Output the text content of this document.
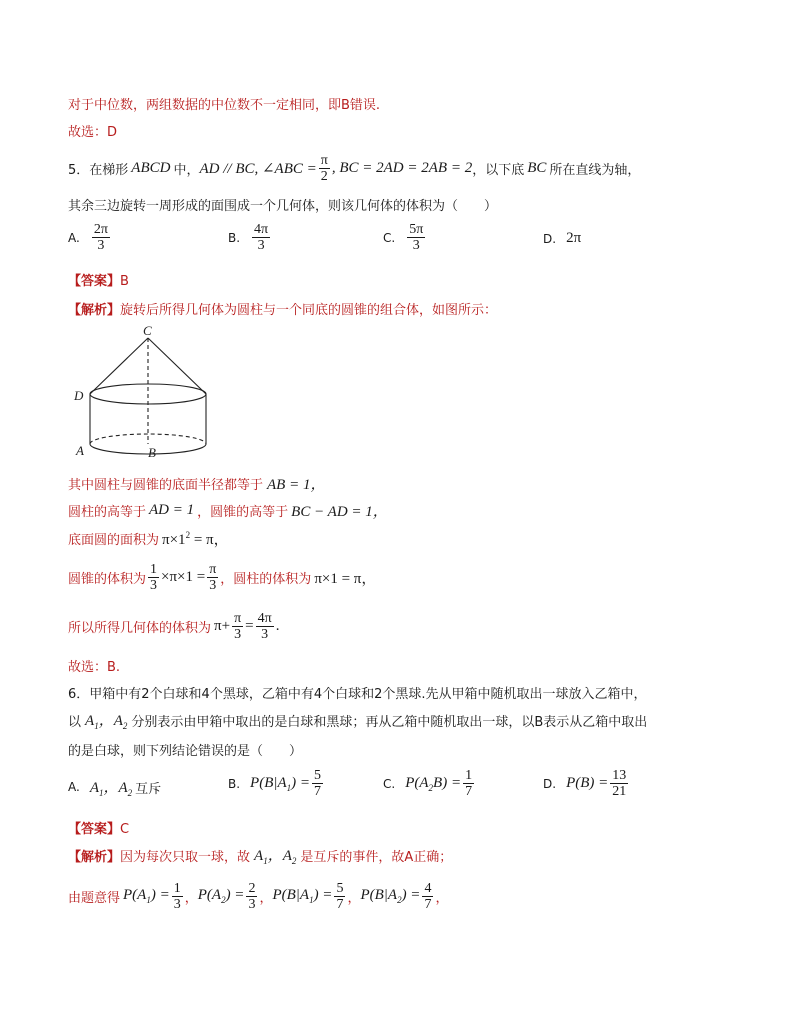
对于中位数，两组数据的中位数不一定相同，即B错误.
故选：D
5． 在梯形 ABCD 中， AD // BC, ∠ABC = $\frac{\pi}{2}$ , BC = 2AD = 2AB = 2 ，以下底 BC 所在直线为轴，
其余三边旋转一周形成的面围成一个几何体，则该几何体的体积为（　　）
A. $\frac{2\pi}{3}$	B. $\frac{4\pi}{3}$	C. $\frac{5\pi}{3}$	D. 2π
【答案】B
【解析】旋转后所得几何体为圆柱与一个同底的圆锥的组合体，如图所示：
C
D
A	B
其中圆柱与圆锥的底面半径都等于 AB = 1，
圆柱的高等于 AD = 1 ，圆锥的高等于 BC − AD = 1，
底面圆的面积为 $\pi\times 1^2 = \pi$，
圆锥的体积为 $\frac{1}{3} \times\pi\times 1 = \frac{\pi}{3}$ ，圆柱的体积为 π×1 = π，
所以所得几何体的体积为 $\pi+ \frac{\pi}{3} = \frac{4\pi}{3}$ .
故选：B.
6．甲箱中有2个白球和4个黑球，乙箱中有4个白球和2个黑球.先从甲箱中随机取出一球放入乙箱中，
以 $A_1$，$A_2$ 分别表示由甲箱中取出的是白球和黑球；再从乙箱中随机取出一球，以B表示从乙箱中取出
的是白球，则下列结论错误的是（　　）
A. $A_1$，$A_2$ 互斥	B. $P(B|A_1) = \frac{5}{7}$	C. $P(A_2B) = \frac{1}{7}$	D. $P(B) = \frac{13}{21}$
【答案】C
【解析】 因为每次只取一球，故 $A_1$，$A_2$ 是互斥的事件，故A正确；
由题意得 $P(A_1) = \frac{1}{3}$ ， $P(A_2) = \frac{2}{3}$ ， $P(B|A_1) = \frac{5}{7}$ ， $P(B|A_2) = \frac{4}{7}$ ，
